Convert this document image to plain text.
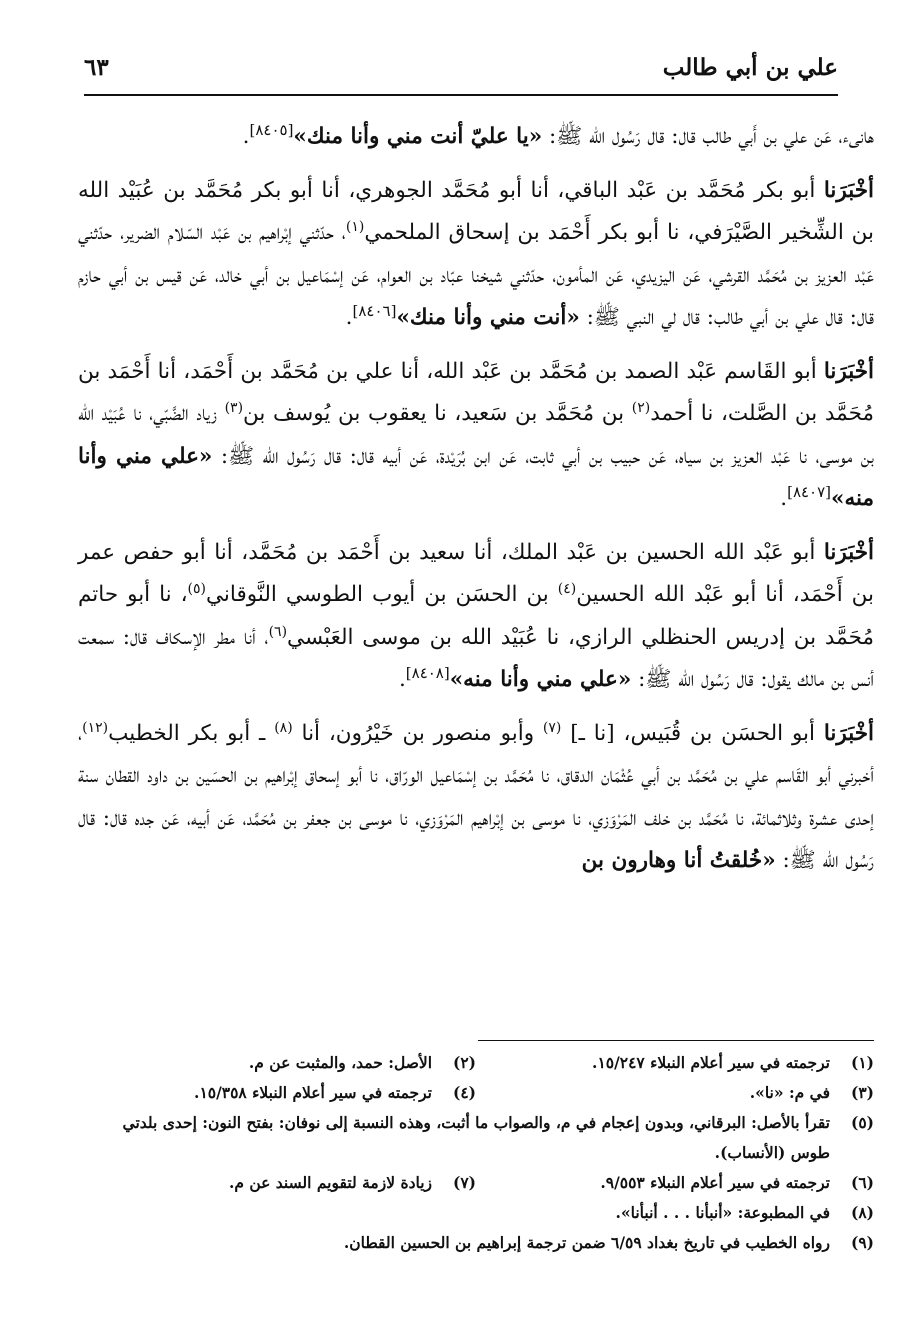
علي بن أبي طالب
٦٣

هانىء، عَن علي بن أَبي طالب قال: قال رَسُول الله ﷺ: «يا عليّ أنت مني وأنا منك»[٨٤٠٥].

أخْبَرَنا أبو بكر مُحَمَّد بن عَبْد الباقي، أنا أبو مُحَمَّد الجوهري، أنا أبو بكر مُحَمَّد بن عُبَيْد الله بن الشِّخير الصَّيْرَفي، نا أبو بكر أَحْمَد بن إسحاق الملحمي$^{(١)}$، حدّثني إبْراهيم بن عَبْد السّلام الضرير، حدّثني عَبْد العزيز بن مُحَمَّد القرشي، عَن اليزيدي، عَن المأمون، حدّثني شيخنا عبّاد بن العوام، عَن إسْمَاعيل بن أبي خالد، عَن قيس بن أبي حازم قال: قال علي بن أبي طالب: قال لي النبي ﷺ: «أنت مني وأنا منك»[٨٤٠٦].

أخْبَرَنا أبو القَاسم عَبْد الصمد بن مُحَمَّد بن عَبْد الله، أنا علي بن مُحَمَّد بن أَحْمَد، أنا أَحْمَد بن مُحَمَّد بن الصَّلت، نا أحمد$^{(٢)}$ بن مُحَمَّد بن سَعيد، نا يعقوب بن يُوسف بن$^{(٣)}$ زياد الضَّبّي، نا عُبَيْد الله بن موسى، نا عَبْد العزيز بن سياه، عَن حبيب بن أبي ثابت، عَن ابن بُرَيْدة، عَن أبيه قال: قال رَسُول الله ﷺ: «علي مني وأنا منه»[٨٤٠٧].

أخْبَرَنا أبو عَبْد الله الحسين بن عَبْد الملك، أنا سعيد بن أَحْمَد بن مُحَمَّد، أنا أبو حفص عمر بن أَحْمَد، أنا أبو عَبْد الله الحسين$^{(٤)}$ بن الحسَن بن أيوب الطوسي النَّوقاني$^{(٥)}$، نا أبو حاتم مُحَمَّد بن إدريس الحنظلي الرازي، نا عُبَيْد الله بن موسى العَبْسي$^{(٦)}$، أنا مطر الإسكاف قال: سمعت أنس بن مالك يقول: قال رَسُول الله ﷺ: «علي مني وأنا منه»[٨٤٠٨].

أخْبَرَنا أبو الحسَن بن قُبَيس، [نا ـ] $^{(٧)}$ وأبو منصور بن خَيْرُون، أنا $^{(٨)}$ ـ أبو بكر الخطيب$^{(١٢)}$، أخبرني أبو القَاسم علي بن مُحَمَّد بن أبي عُثْمَان الدقاق، نا مُحَمَّد بن إسْمَاعيل الورّاق، نا أبو إسحاق إبْراهيم بن الحسَين بن داود القطان سنة إحدى عشرة وثلاثمائة، نا مُحَمَّد بن خلف المَرْوَزي، نا موسى بن إبْراهيم المَرْوَزي، نا موسى بن جعفر بن مُحَمَّد، عَن أبيه، عَن جده قال: قال رَسُول الله ﷺ: «خُلقتُ أنا وهارون بن

(١)
ترجمته في سير أعلام النبلاء ١٥/٢٤٧.
(٢)
الأصل: حمد، والمثبت عن م.
(٣)
في م: «نا».
(٤)
ترجمته في سير أعلام النبلاء ١٥/٣٥٨.
(٥)
تقرأ بالأصل: البرقاني، وبدون إعجام في م، والصواب ما أثبت، وهذه النسبة إلى نوفان: بفتح النون: إحدى بلدتي طوس (الأنساب).
(٦)
ترجمته في سير أعلام النبلاء ٩/٥٥٣.
(٧)
زيادة لازمة لتقويم السند عن م.
(٨)
في المطبوعة: «أنبأنا . . . أنبأنا».
(٩)
رواه الخطيب في تاريخ بغداد ٦/٥٩ ضمن ترجمة إبراهيم بن الحسين القطان.
